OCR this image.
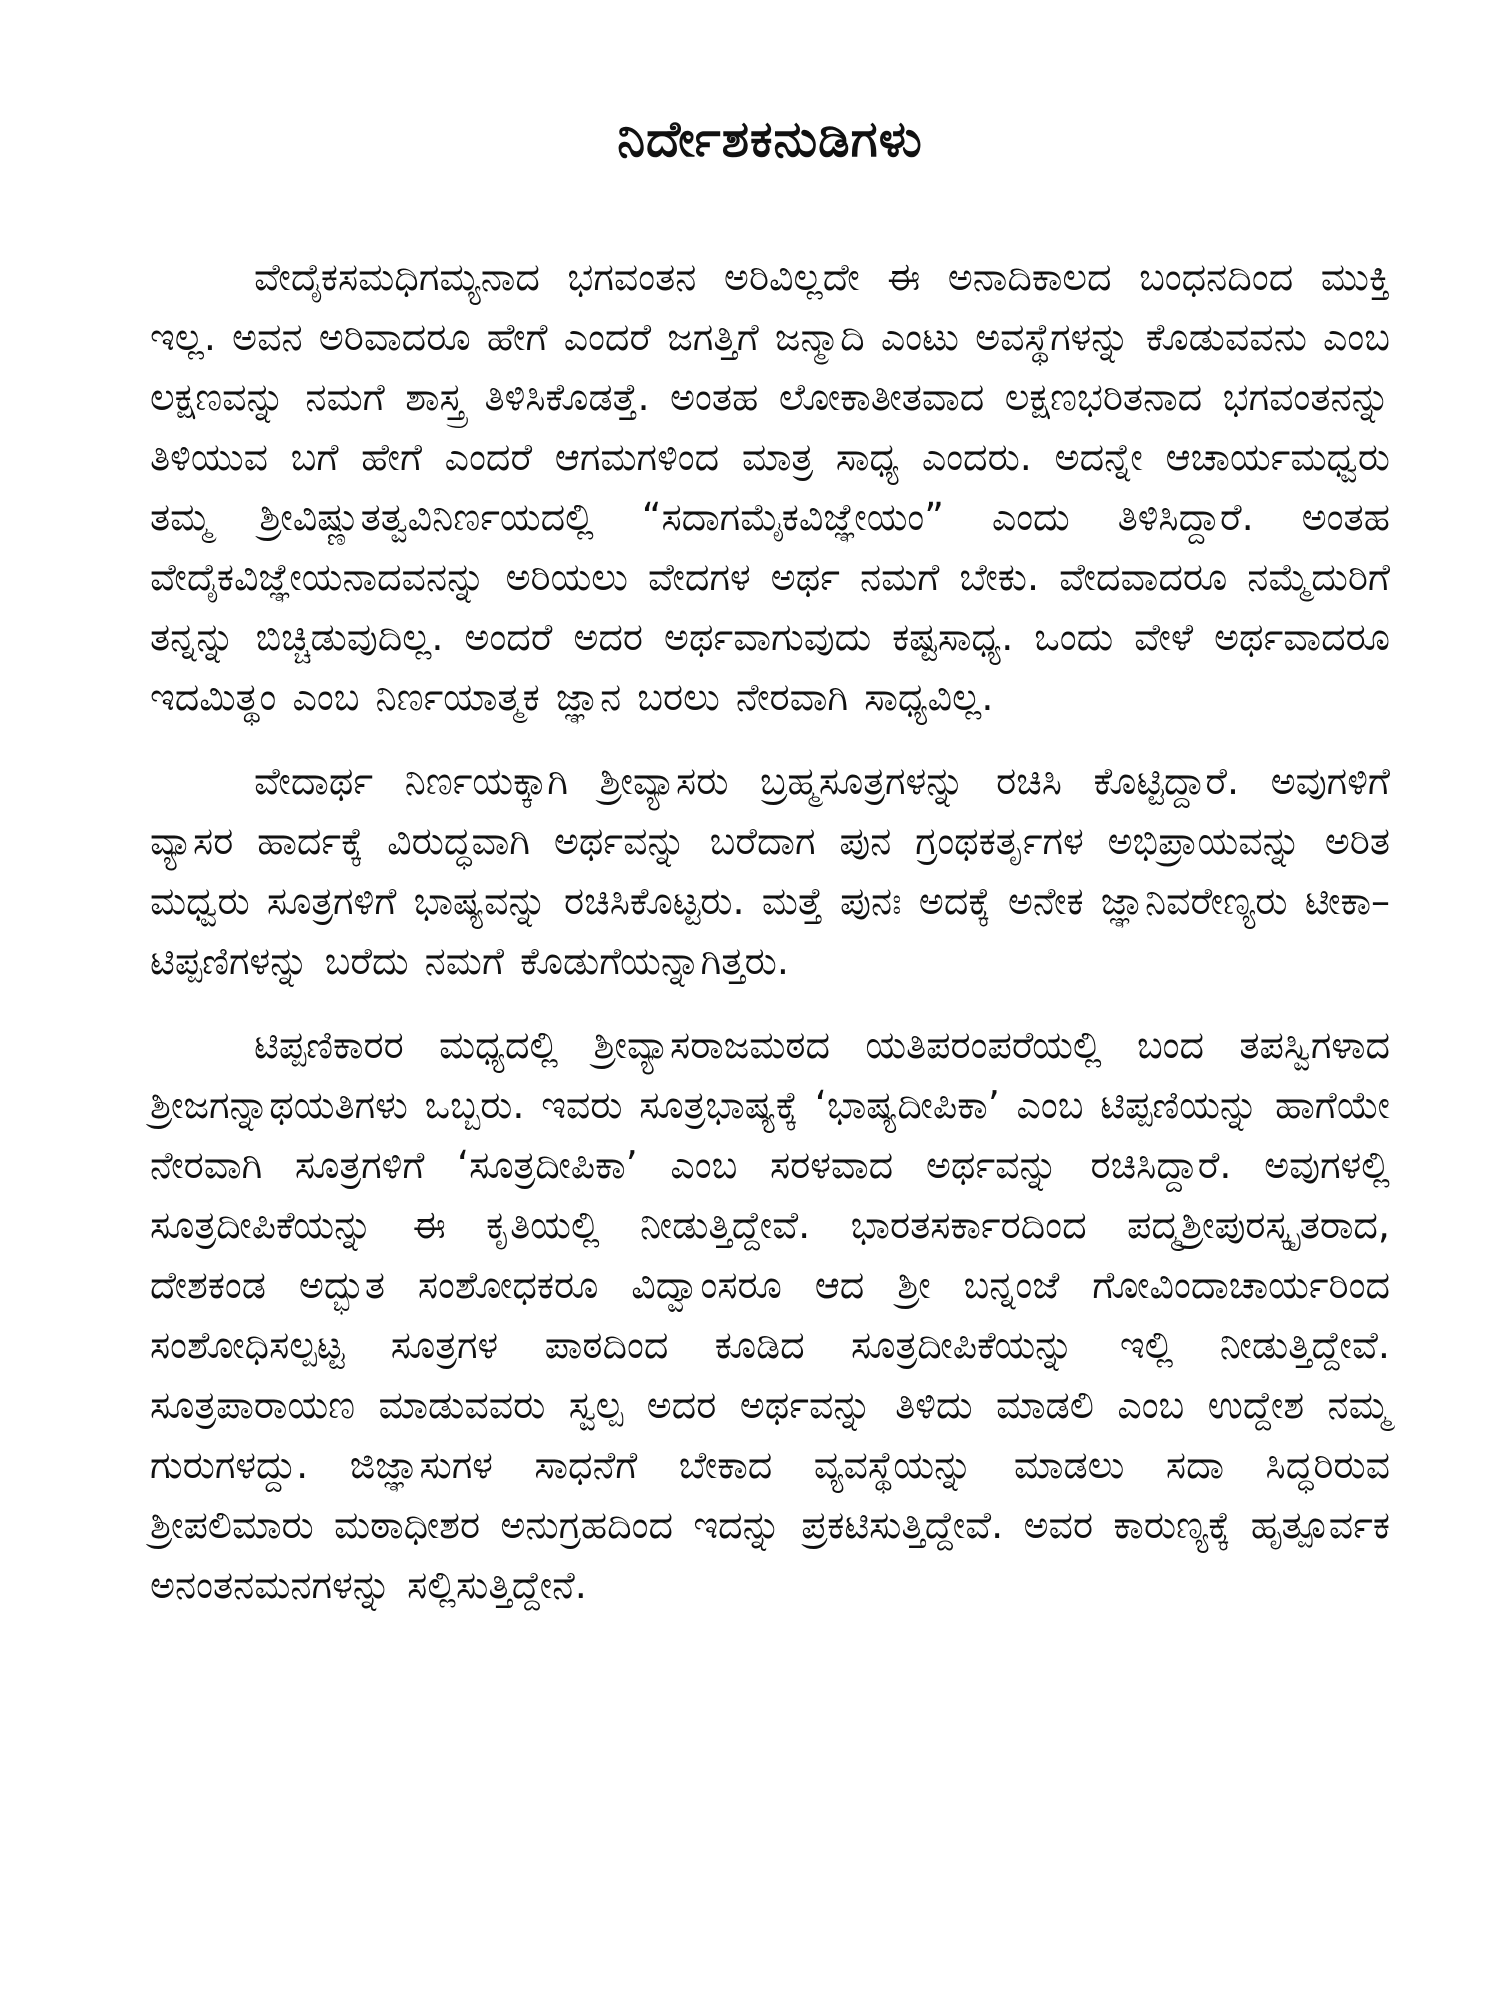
ನಿರ್ದೇಶಕನುಡಿಗಳು

ವೇದೈಕಸಮಧಿಗಮ್ಯನಾದ ಭಗವಂತನ ಅರಿವಿಲ್ಲದೇ ಈ ಅನಾದಿಕಾಲದ ಬಂಧನದಿಂದ ಮುಕ್ತಿ ಇಲ್ಲ. ಅವನ ಅರಿವಾದರೂ ಹೇಗೆ ಎಂದರೆ ಜಗತ್ತಿಗೆ ಜನ್ಮಾದಿ ಎಂಟು ಅವಸ್ಥೆಗಳನ್ನು ಕೊಡುವವನು ಎಂಬ ಲಕ್ಷಣವನ್ನು ನಮಗೆ ಶಾಸ್ತ್ರ ತಿಳಿಸಿಕೊಡತ್ತೆ. ಅಂತಹ ಲೋಕಾತೀತವಾದ ಲಕ್ಷಣಭರಿತನಾದ ಭಗವಂತನನ್ನು ತಿಳಿಯುವ ಬಗೆ ಹೇಗೆ ಎಂದರೆ ಆಗಮಗಳಿಂದ ಮಾತ್ರ ಸಾಧ್ಯ ಎಂದರು. ಅದನ್ನೇ ಆಚಾರ್ಯಮಧ್ವರು ತಮ್ಮ ಶ್ರೀವಿಷ್ಣುತತ್ವವಿನಿರ್ಣಯದಲ್ಲಿ “ಸದಾಗಮೈಕವಿಜ್ಞೇಯಂ” ಎಂದು ತಿಳಿಸಿದ್ದಾರೆ. ಅಂತಹ ವೇದೈಕವಿಜ್ಞೇಯನಾದವನನ್ನು ಅರಿಯಲು ವೇದಗಳ ಅರ್ಥ ನಮಗೆ ಬೇಕು. ವೇದವಾದರೂ ನಮ್ಮೆದುರಿಗೆ ತನ್ನನ್ನು ಬಿಚ್ಚಿಡುವುದಿಲ್ಲ. ಅಂದರೆ ಅದರ ಅರ್ಥವಾಗುವುದು ಕಷ್ಟಸಾಧ್ಯ. ಒಂದು ವೇಳೆ ಅರ್ಥವಾದರೂ ಇದಮಿತ್ಥಂ ಎಂಬ ನಿರ್ಣಯಾತ್ಮಕ ಜ್ಞಾನ ಬರಲು ನೇರವಾಗಿ ಸಾಧ್ಯವಿಲ್ಲ.

ವೇದಾರ್ಥ ನಿರ್ಣಯಕ್ಕಾಗಿ ಶ್ರೀವ್ಯಾಸರು ಬ್ರಹ್ಮಸೂತ್ರಗಳನ್ನು ರಚಿಸಿ ಕೊಟ್ಟಿದ್ದಾರೆ. ಅವುಗಳಿಗೆ ವ್ಯಾಸರ ಹಾರ್ದಕ್ಕೆ ವಿರುದ್ಧವಾಗಿ ಅರ್ಥವನ್ನು ಬರೆದಾಗ ಪುನ ಗ್ರಂಥಕರ್ತೃಗಳ ಅಭಿಪ್ರಾಯವನ್ನು ಅರಿತ ಮಧ್ವರು ಸೂತ್ರಗಳಿಗೆ ಭಾಷ್ಯವನ್ನು ರಚಿಸಿಕೊಟ್ಟರು. ಮತ್ತೆ ಪುನಃ ಅದಕ್ಕೆ ಅನೇಕ ಜ್ಞಾನಿವರೇಣ್ಯರು ಟೀಕಾ–ಟಿಪ್ಪಣಿಗಳನ್ನು ಬರೆದು ನಮಗೆ ಕೊಡುಗೆಯನ್ನಾಗಿತ್ತರು.

ಟಿಪ್ಪಣಿಕಾರರ ಮಧ್ಯದಲ್ಲಿ ಶ್ರೀವ್ಯಾಸರಾಜಮಠದ ಯತಿಪರಂಪರೆಯಲ್ಲಿ ಬಂದ ತಪಸ್ವಿಗಳಾದ ಶ್ರೀಜಗನ್ನಾಥಯತಿಗಳು ಒಬ್ಬರು. ಇವರು ಸೂತ್ರಭಾಷ್ಯಕ್ಕೆ ‘ಭಾಷ್ಯದೀಪಿಕಾ’ ಎಂಬ ಟಿಪ್ಪಣಿಯನ್ನು ಹಾಗೆಯೇ ನೇರವಾಗಿ ಸೂತ್ರಗಳಿಗೆ ‘ಸೂತ್ರದೀಪಿಕಾ’ ಎಂಬ ಸರಳವಾದ ಅರ್ಥವನ್ನು ರಚಿಸಿದ್ದಾರೆ. ಅವುಗಳಲ್ಲಿ ಸೂತ್ರದೀಪಿಕೆಯನ್ನು ಈ ಕೃತಿಯಲ್ಲಿ ನೀಡುತ್ತಿದ್ದೇವೆ. ಭಾರತಸರ್ಕಾರದಿಂದ ಪದ್ಮಶ್ರೀಪುರಸ್ಕೃತರಾದ, ದೇಶಕಂಡ ಅದ್ಭುತ ಸಂಶೋಧಕರೂ ವಿದ್ವಾಂಸರೂ ಆದ ಶ್ರೀ ಬನ್ನಂಜೆ ಗೋವಿಂದಾಚಾರ್ಯರಿಂದ ಸಂಶೋಧಿಸಲ್ಪಟ್ಟ ಸೂತ್ರಗಳ ಪಾಠದಿಂದ ಕೂಡಿದ ಸೂತ್ರದೀಪಿಕೆಯನ್ನು ಇಲ್ಲಿ ನೀಡುತ್ತಿದ್ದೇವೆ. ಸೂತ್ರಪಾರಾಯಣ ಮಾಡುವವರು ಸ್ವಲ್ಪ ಅದರ ಅರ್ಥವನ್ನು ತಿಳಿದು ಮಾಡಲಿ ಎಂಬ ಉದ್ದೇಶ ನಮ್ಮ ಗುರುಗಳದ್ದು. ಜಿಜ್ಞಾಸುಗಳ ಸಾಧನೆಗೆ ಬೇಕಾದ ವ್ಯವಸ್ಥೆಯನ್ನು ಮಾಡಲು ಸದಾ ಸಿದ್ಧರಿರುವ ಶ್ರೀಪಲಿಮಾರು ಮಠಾಧೀಶರ ಅನುಗ್ರಹದಿಂದ ಇದನ್ನು ಪ್ರಕಟಿಸುತ್ತಿದ್ದೇವೆ. ಅವರ ಕಾರುಣ್ಯಕ್ಕೆ ಹೃತ್ಪೂರ್ವಕ ಅನಂತನಮನಗಳನ್ನು ಸಲ್ಲಿಸುತ್ತಿದ್ದೇನೆ.
